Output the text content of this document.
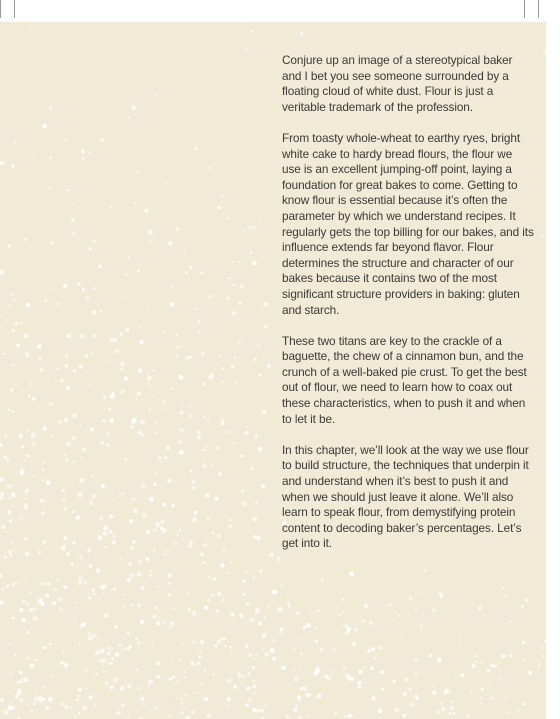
Conjure up an image of a stereotypical baker and I bet you see someone surrounded by a floating cloud of white dust. Flour is just a veritable trademark of the profession.

From toasty whole-wheat to earthy ryes, bright white cake to hardy bread flours, the flour we use is an excellent jumping-off point, laying a foundation for great bakes to come. Getting to know flour is essential because it’s often the parameter by which we understand recipes. It regularly gets the top billing for our bakes, and its influence extends far beyond flavor. Flour determines the structure and character of our bakes because it contains two of the most significant structure providers in baking: gluten and starch.

These two titans are key to the crackle of a baguette, the chew of a cinnamon bun, and the crunch of a well-baked pie crust. To get the best out of flour, we need to learn how to coax out these characteristics, when to push it and when to let it be.

In this chapter, we’ll look at the way we use flour to build structure, the techniques that underpin it and understand when it’s best to push it and when we should just leave it alone. We’ll also learn to speak flour, from demystifying protein content to decoding baker’s percentages. Let’s get into it.
